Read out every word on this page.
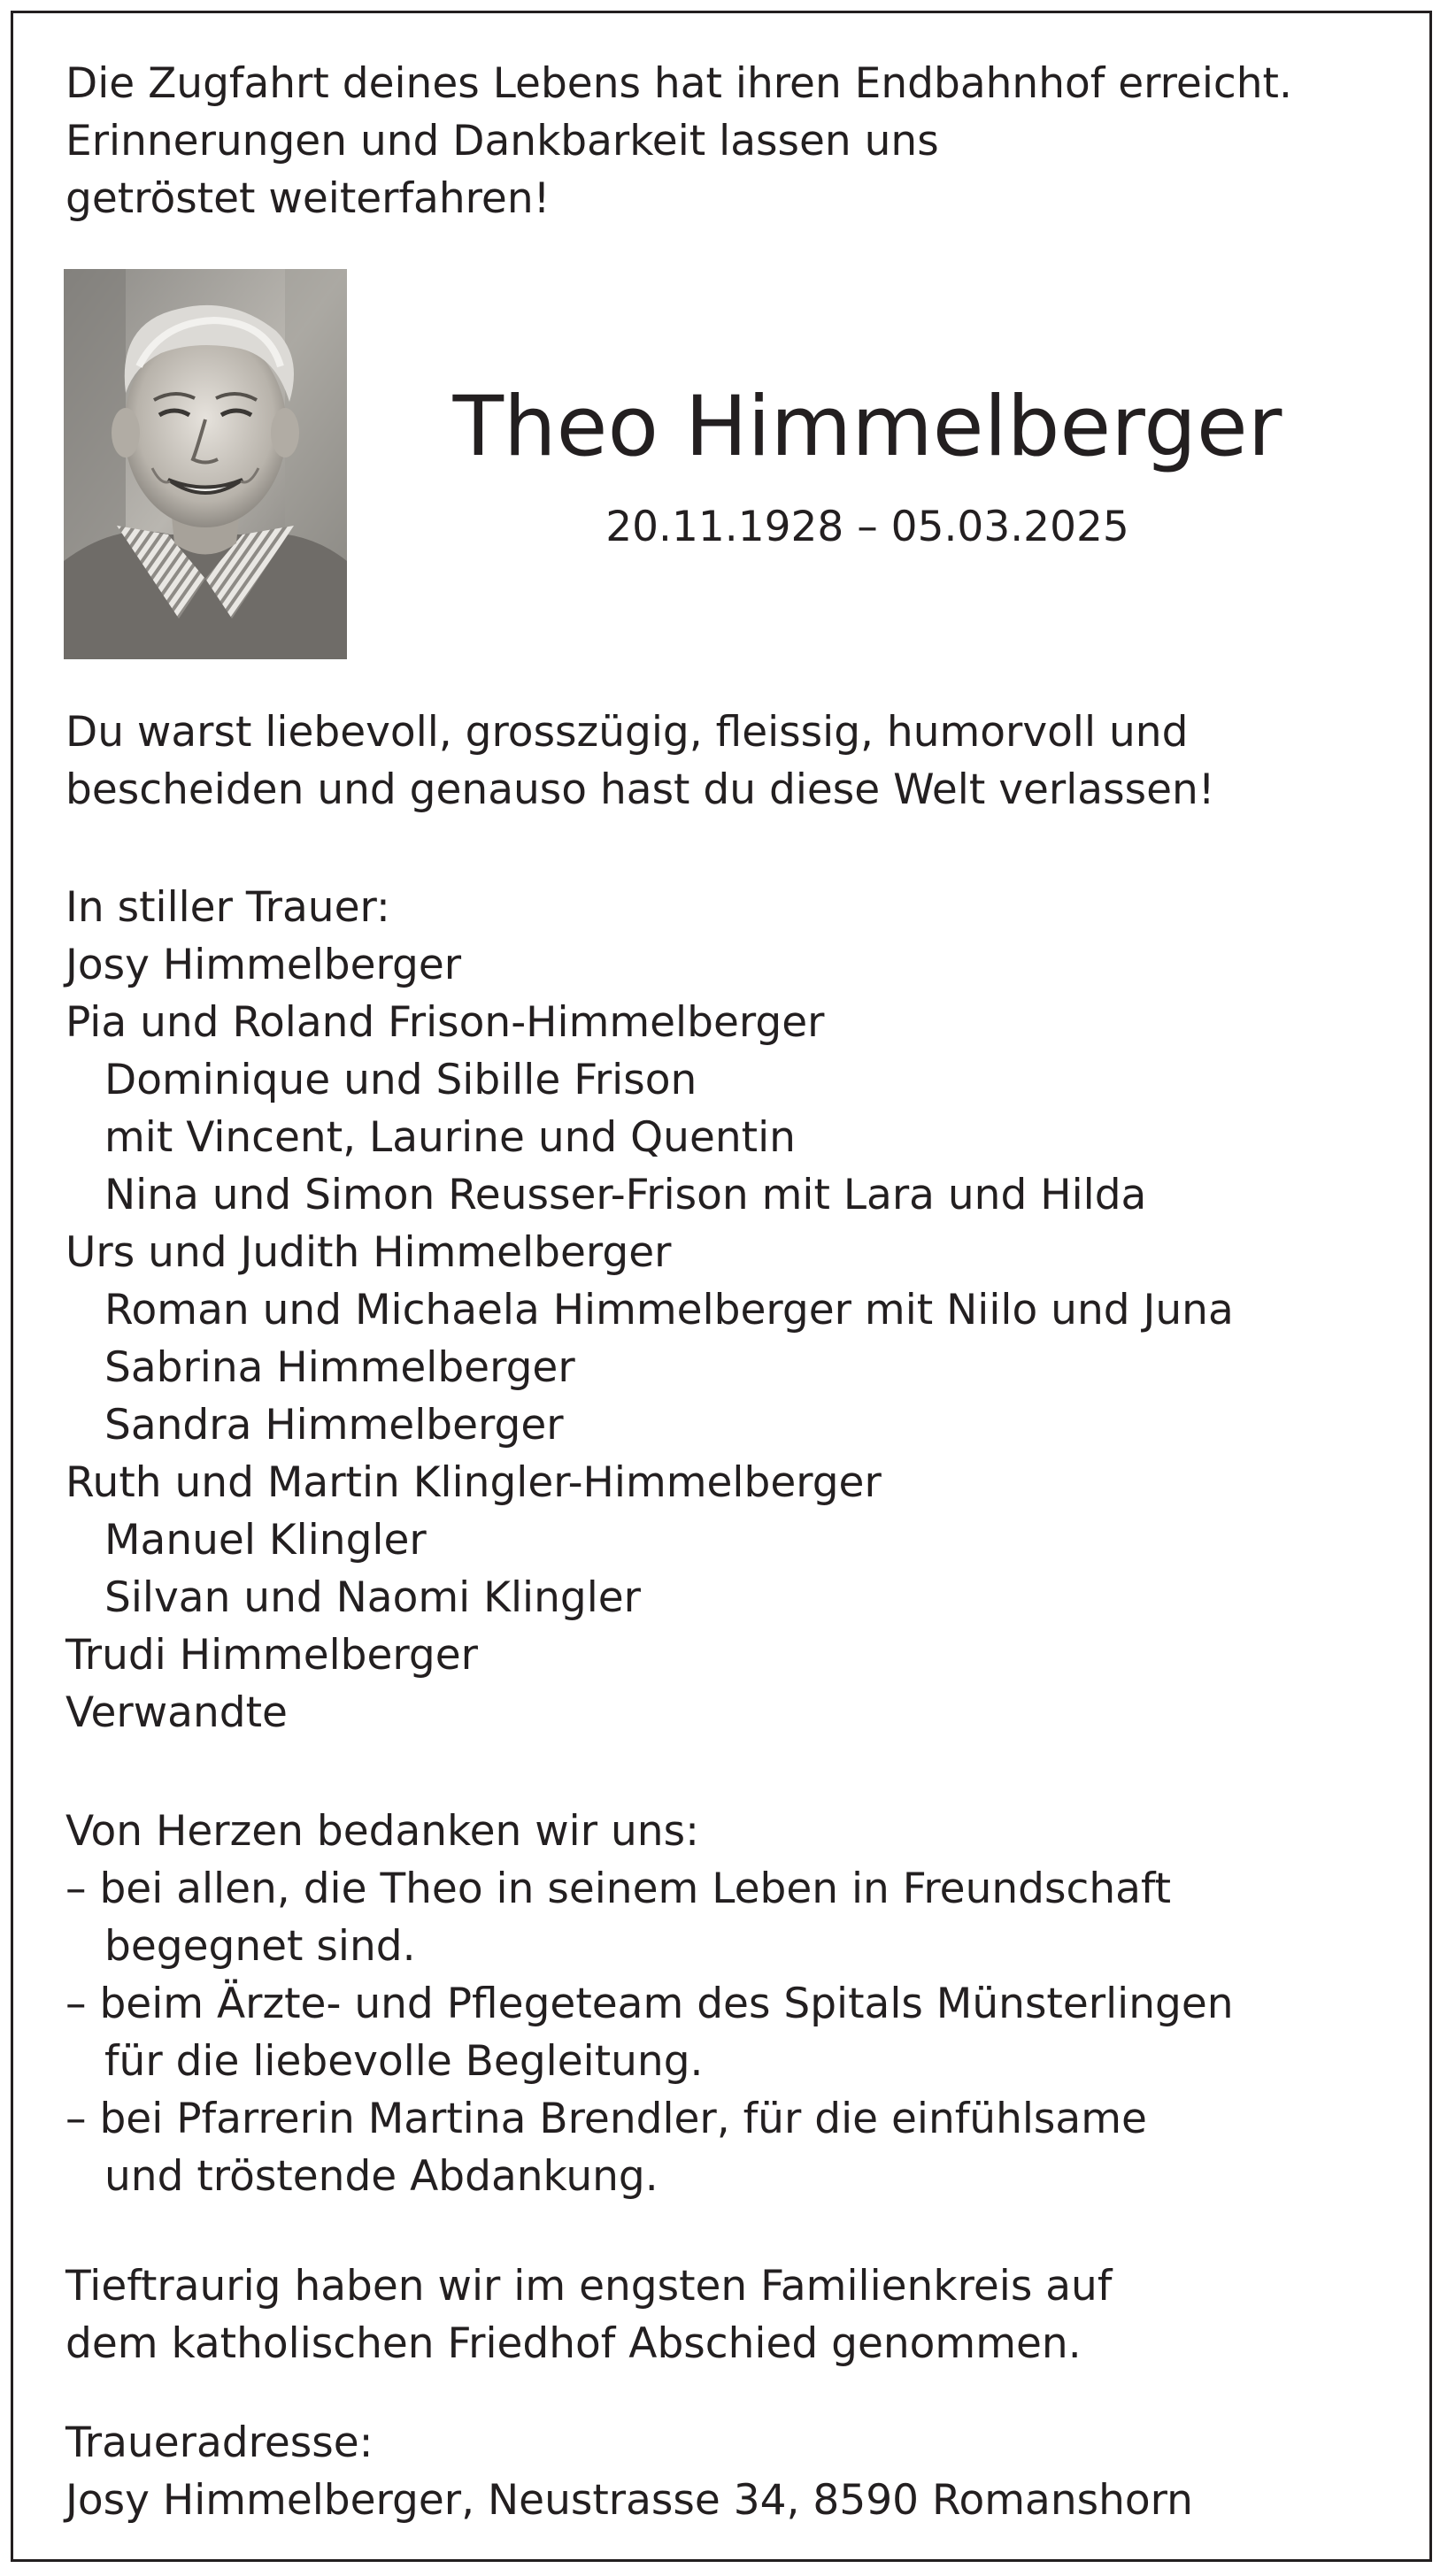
Die Zugfahrt deines Lebens hat ihren Endbahnhof erreicht.
Erinnerungen und Dankbarkeit lassen uns
getröstet weiterfahren!
Theo Himmelberger
20.11.1928 – 05.03.2025
Du warst liebevoll, grosszügig, fleissig, humorvoll und
bescheiden und genauso hast du diese Welt verlassen!
In stiller Trauer:
Josy Himmelberger
Pia und Roland Frison-Himmelberger
Dominique und Sibille Frison
mit Vincent, Laurine und Quentin
Nina und Simon Reusser-Frison mit Lara und Hilda
Urs und Judith Himmelberger
Roman und Michaela Himmelberger mit Niilo und Juna
Sabrina Himmelberger
Sandra Himmelberger
Ruth und Martin Klingler-Himmelberger
Manuel Klingler
Silvan und Naomi Klingler
Trudi Himmelberger
Verwandte
Von Herzen bedanken wir uns:
– bei allen, die Theo in seinem Leben in Freundschaft
begegnet sind.
– beim Ärzte- und Pflegeteam des Spitals Münsterlingen
für die liebevolle Begleitung.
– bei Pfarrerin Martina Brendler, für die einfühlsame
und tröstende Abdankung.
Tieftraurig haben wir im engsten Familienkreis auf
dem katholischen Friedhof Abschied genommen.
Traueradresse:
Josy Himmelberger, Neustrasse 34, 8590 Romanshorn
